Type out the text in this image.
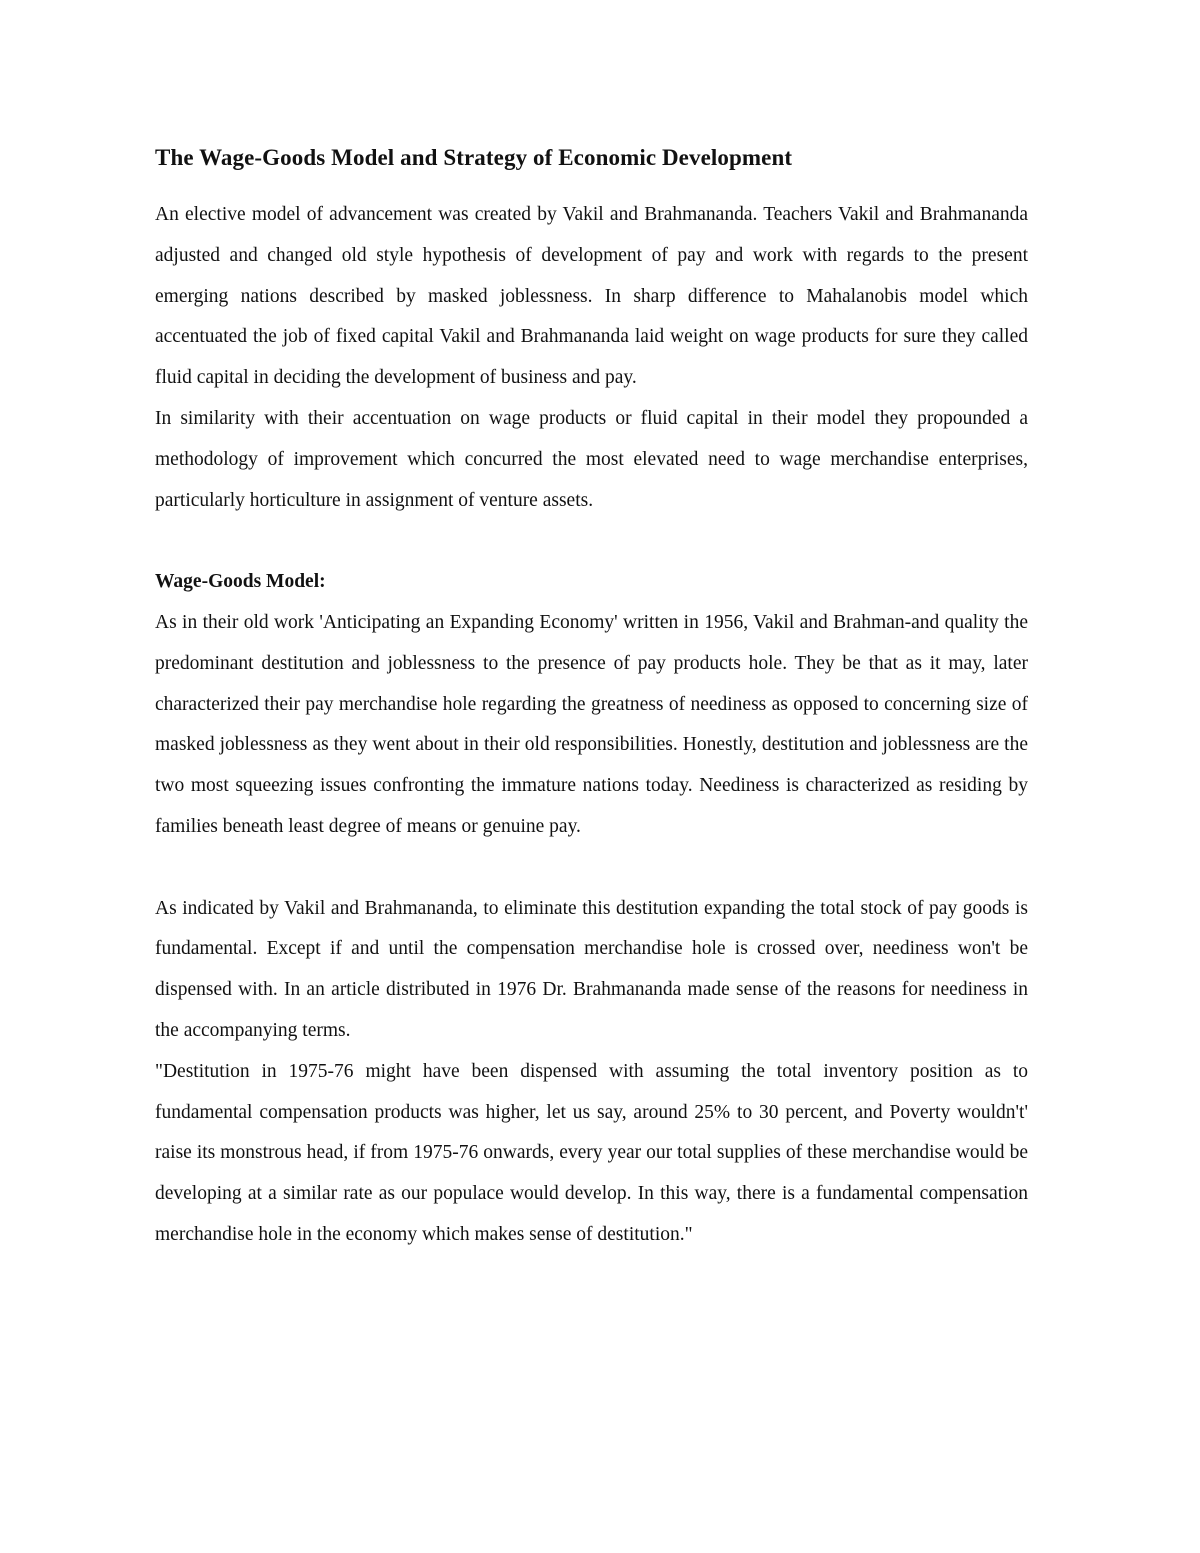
The Wage-Goods Model and Strategy of Economic Development

An elective model of advancement was created by Vakil and Brahmananda. Teachers Vakil and Brahmananda adjusted and changed old style hypothesis of development of pay and work with regards to the present emerging nations described by masked joblessness. In sharp difference to Mahalanobis model which accentuated the job of fixed capital Vakil and Brahmananda laid weight on wage products for sure they called fluid capital in deciding the development of business and pay.

In similarity with their accentuation on wage products or fluid capital in their model they propounded a methodology of improvement which concurred the most elevated need to wage merchandise enterprises, particularly horticulture in assignment of venture assets.

Wage-Goods Model:

As in their old work 'Anticipating an Expanding Economy' written in 1956, Vakil and Brahman-and quality the predominant destitution and joblessness to the presence of pay products hole. They be that as it may, later characterized their pay merchandise hole regarding the greatness of neediness as opposed to concerning size of masked joblessness as they went about in their old responsibilities. Honestly, destitution and joblessness are the two most squeezing issues confronting the immature nations today. Neediness is characterized as residing by families beneath least degree of means or genuine pay.

As indicated by Vakil and Brahmananda, to eliminate this destitution expanding the total stock of pay goods is fundamental. Except if and until the compensation merchandise hole is crossed over, neediness won't be dispensed with. In an article distributed in 1976 Dr. Brahmananda made sense of the reasons for neediness in the accompanying terms.

"Destitution in 1975-76 might have been dispensed with assuming the total inventory position as to fundamental compensation products was higher, let us say, around 25% to 30 percent, and Poverty wouldn't' raise its monstrous head, if from 1975-76 onwards, every year our total supplies of these merchandise would be developing at a similar rate as our populace would develop. In this way, there is a fundamental compensation merchandise hole in the economy which makes sense of destitution."
